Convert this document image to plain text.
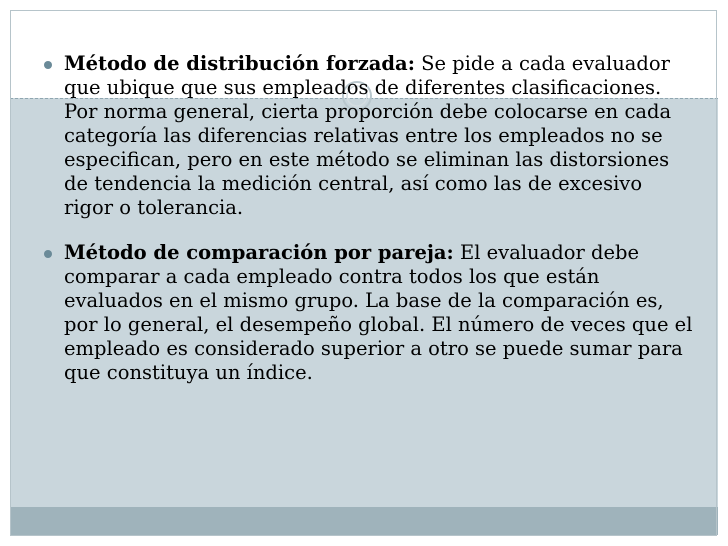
Método de distribución forzada: Se pide a cada evaluador que ubique que sus empleados de diferentes clasificaciones. Por norma general, cierta proporción debe colocarse en cada categoría las diferencias relativas entre los empleados no se especifican, pero en este método se eliminan las distorsiones de tendencia la medición central, así como las de excesivo rigor o tolerancia.
Método de comparación por pareja: El evaluador debe comparar a cada empleado contra todos los que están evaluados en el mismo grupo. La base de la comparación es, por lo general, el desempeño global. El número de veces que el empleado es considerado superior a otro se puede sumar para que constituya un índice.
